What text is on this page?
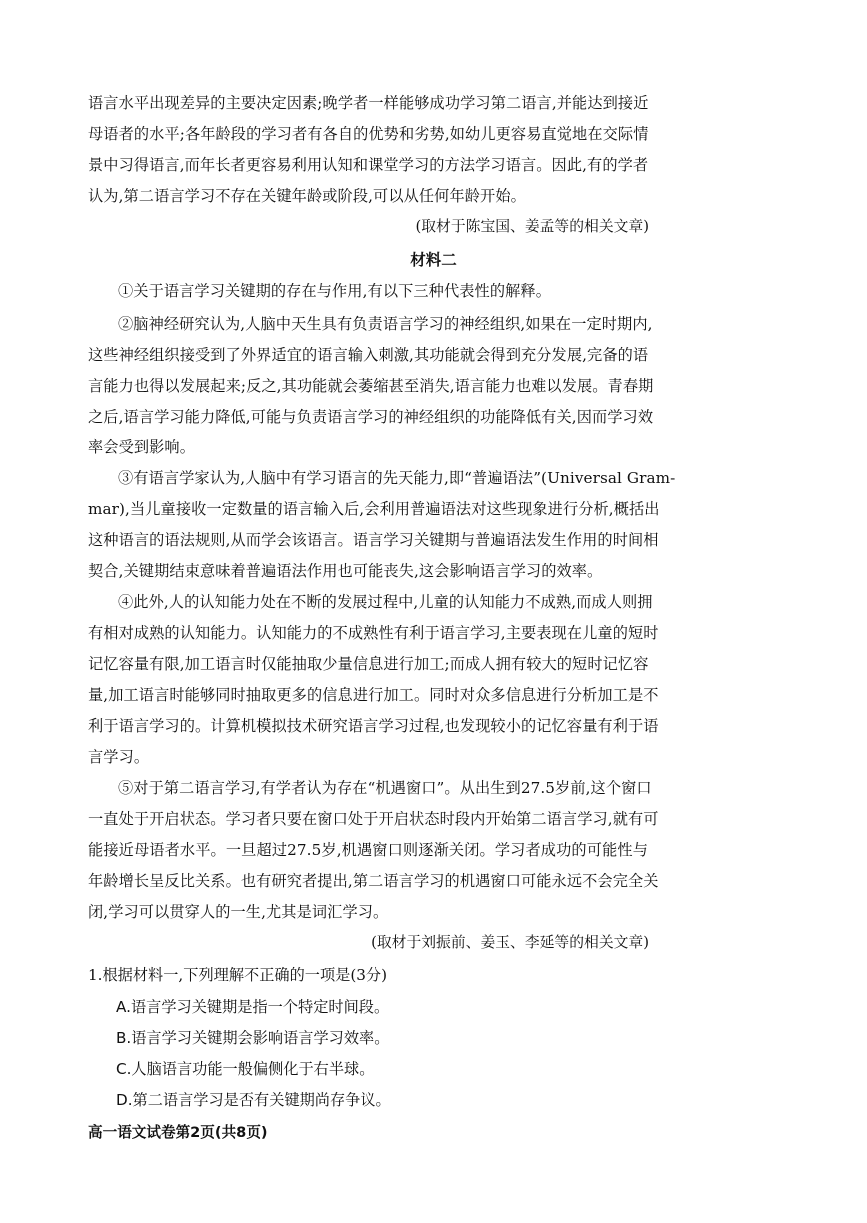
语言水平出现差异的主要决定因素;晚学者一样能够成功学习第二语言,并能达到接近
母语者的水平;各年龄段的学习者有各自的优势和劣势,如幼儿更容易直觉地在交际情
景中习得语言,而年长者更容易利用认知和课堂学习的方法学习语言。因此,有的学者
认为,第二语言学习不存在关键年龄或阶段,可以从任何年龄开始。
(取材于陈宝国、姜孟等的相关文章)
材料二
①关于语言学习关键期的存在与作用,有以下三种代表性的解释。
②脑神经研究认为,人脑中天生具有负责语言学习的神经组织,如果在一定时期内,
这些神经组织接受到了外界适宜的语言输入刺激,其功能就会得到充分发展,完备的语
言能力也得以发展起来;反之,其功能就会萎缩甚至消失,语言能力也难以发展。青春期
之后,语言学习能力降低,可能与负责语言学习的神经组织的功能降低有关,因而学习效
率会受到影响。
③有语言学家认为,人脑中有学习语言的先天能力,即“普遍语法”(Universal Gram-
mar),当儿童接收一定数量的语言输入后,会利用普遍语法对这些现象进行分析,概括出
这种语言的语法规则,从而学会该语言。语言学习关键期与普遍语法发生作用的时间相
契合,关键期结束意味着普遍语法作用也可能丧失,这会影响语言学习的效率。
④此外,人的认知能力处在不断的发展过程中,儿童的认知能力不成熟,而成人则拥
有相对成熟的认知能力。认知能力的不成熟性有利于语言学习,主要表现在儿童的短时
记忆容量有限,加工语言时仅能抽取少量信息进行加工;而成人拥有较大的短时记忆容
量,加工语言时能够同时抽取更多的信息进行加工。同时对众多信息进行分析加工是不
利于语言学习的。计算机模拟技术研究语言学习过程,也发现较小的记忆容量有利于语
言学习。
⑤对于第二语言学习,有学者认为存在“机遇窗口”。从出生到27.5岁前,这个窗口
一直处于开启状态。学习者只要在窗口处于开启状态时段内开始第二语言学习,就有可
能接近母语者水平。一旦超过27.5岁,机遇窗口则逐渐关闭。学习者成功的可能性与
年龄增长呈反比关系。也有研究者提出,第二语言学习的机遇窗口可能永远不会完全关
闭,学习可以贯穿人的一生,尤其是词汇学习。
(取材于刘振前、姜玉、李延等的相关文章)
1.根据材料一,下列理解不正确的一项是(3分)
A.语言学习关键期是指一个特定时间段。
B.语言学习关键期会影响语言学习效率。
C.人脑语言功能一般偏侧化于右半球。
D.第二语言学习是否有关键期尚存争议。
高一语文试卷第2页(共8页)
